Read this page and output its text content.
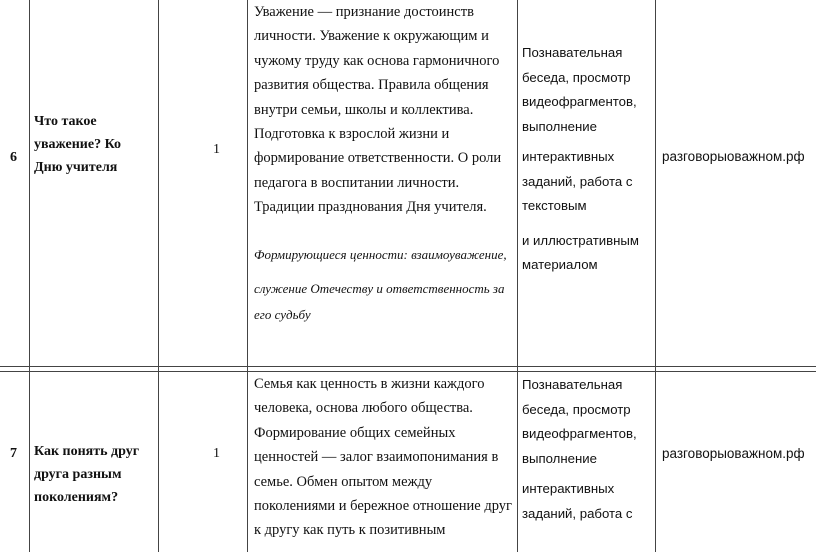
6
Что такое уважение? Ко Дню учителя
1
Уважение — признание достоинств личности. Уважение к окружающим и чужому труду как основа гармоничного развития общества. Правила общения внутри семьи, школы и коллектива. Подготовка к взрослой жизни и формирование ответственности. О роли педагога в воспитании личности. Традиции празднования Дня учителя.

Формирующиеся ценности: взаимоуважение,

служение Отечеству и ответственность за его судьбу

Познавательная беседа, просмотр видеофрагментов, выполнение

интерактивных заданий, работа с текстовым

и иллюстративным материалом

разговорыоважном.рф
7 Как понять друг друга разным поколениям?
1
Семья как ценность в жизни каждого человека, основа любого общества. Формирование общих семейных ценностей — залог взаимопонимания в семье. Обмен опытом между поколениями и бережное отношение друг к другу как путь к позитивным

Познавательная беседа, просмотр видеофрагментов, выполнение

интерактивных заданий, работа с

разговорыоважном.рф
